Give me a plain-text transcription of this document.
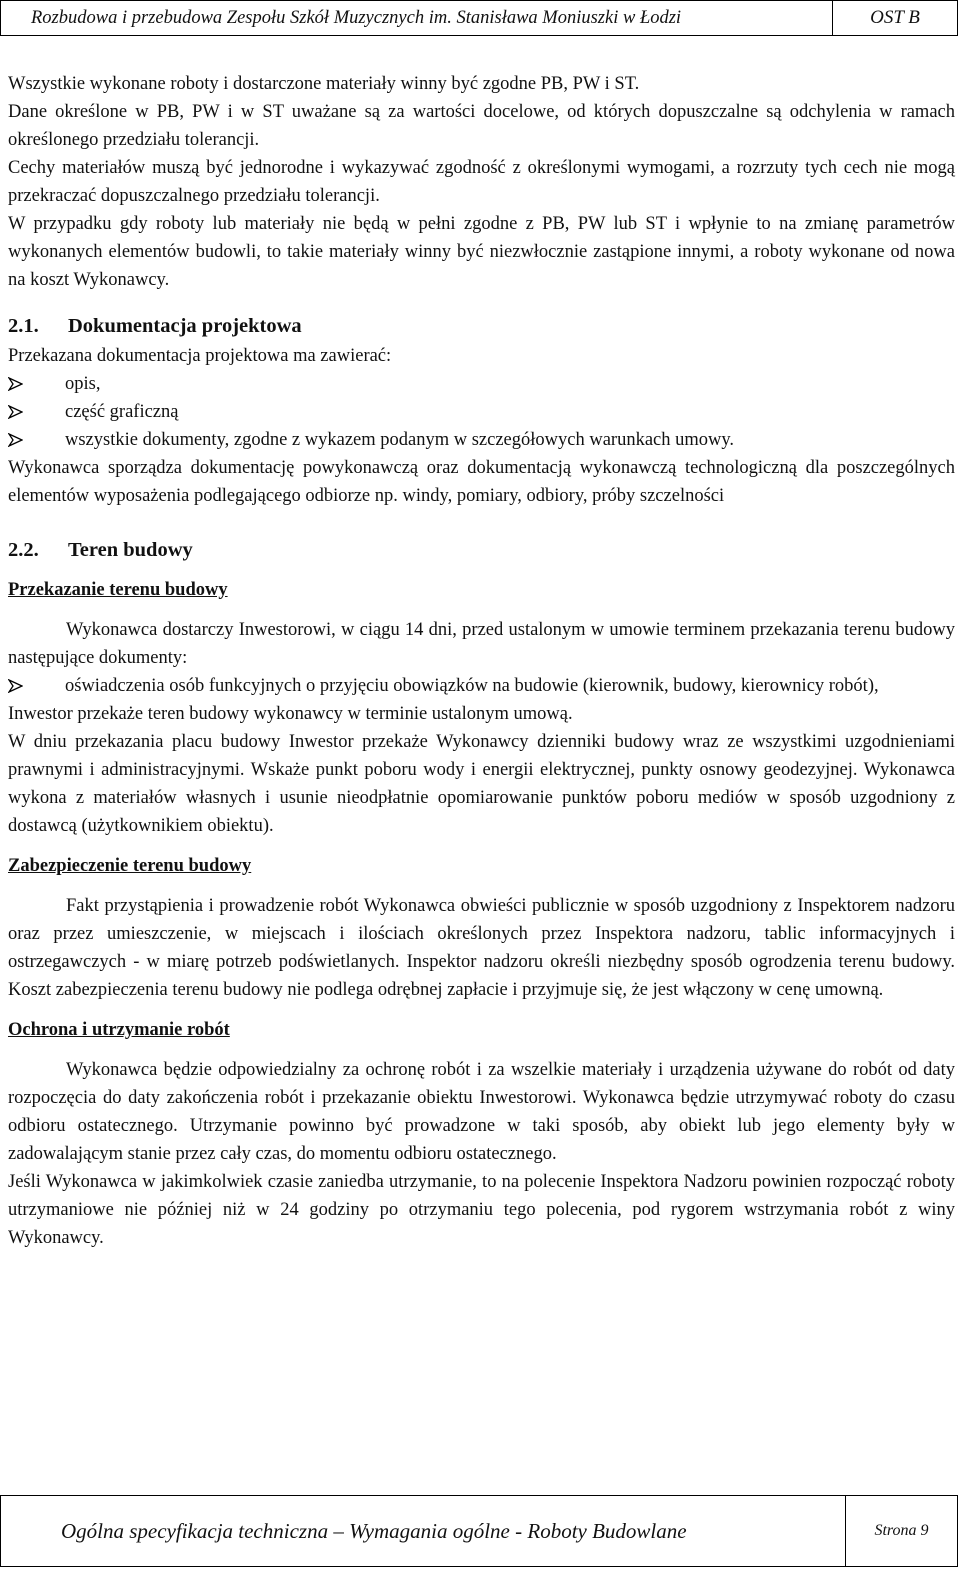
Rozbudowa i przebudowa Zespołu Szkół Muzycznych im. Stanisława Moniuszki w Łodzi	OST B

Wszystkie wykonane roboty i dostarczone materiały winny być zgodne PB, PW i ST.

Dane określone w PB, PW i w ST uważane są za wartości docelowe, od których dopuszczalne są odchylenia w ramach określonego przedziału tolerancji.

Cechy materiałów muszą być jednorodne i wykazywać zgodność z określonymi wymogami, a rozrzuty tych cech nie mogą przekraczać dopuszczalnego przedziału tolerancji.

W przypadku gdy roboty lub materiały nie będą w pełni zgodne z PB, PW lub ST i wpłynie to na zmianę parametrów wykonanych elementów budowli, to takie materiały winny być niezwłocznie zastąpione innymi, a roboty wykonane od nowa na koszt Wykonawcy.

2.1. Dokumentacja projektowa

Przekazana dokumentacja projektowa ma zawierać:

opis,
część graficzną
wszystkie dokumenty, zgodne z wykazem podanym w szczegółowych warunkach umowy.

Wykonawca sporządza dokumentację powykonawczą oraz dokumentacją wykonawczą technologiczną dla poszczególnych elementów wyposażenia podlegającego odbiorze np. windy, pomiary, odbiory, próby szczelności

2.2. Teren budowy

Przekazanie terenu budowy

Wykonawca dostarczy Inwestorowi, w ciągu 14 dni, przed ustalonym w umowie terminem przekazania terenu budowy następujące dokumenty:

oświadczenia osób funkcyjnych o przyjęciu obowiązków na budowie (kierownik, budowy, kierownicy robót),

Inwestor przekaże teren budowy wykonawcy w terminie ustalonym umową.

W dniu przekazania placu budowy Inwestor przekaże Wykonawcy dzienniki budowy wraz ze wszystkimi uzgodnieniami prawnymi i administracyjnymi. Wskaże punkt poboru wody i energii elektrycznej, punkty osnowy geodezyjnej. Wykonawca wykona z materiałów własnych i usunie nieodpłatnie opomiarowanie punktów poboru mediów w sposób uzgodniony z dostawcą (użytkownikiem obiektu).

Zabezpieczenie terenu budowy

Fakt przystąpienia i prowadzenie robót Wykonawca obwieści publicznie w sposób uzgodniony z Inspektorem nadzoru oraz przez umieszczenie, w miejscach i ilościach określonych przez Inspektora nadzoru, tablic informacyjnych i ostrzegawczych - w miarę potrzeb podświetlanych. Inspektor nadzoru określi niezbędny sposób ogrodzenia terenu budowy. Koszt zabezpieczenia terenu budowy nie podlega odrębnej zapłacie i przyjmuje się, że jest włączony w cenę umowną.

Ochrona i utrzymanie robót

Wykonawca będzie odpowiedzialny za ochronę robót i za wszelkie materiały i urządzenia używane do robót od daty rozpoczęcia do daty zakończenia robót i przekazanie obiektu Inwestorowi. Wykonawca będzie utrzymywać roboty do czasu odbioru ostatecznego. Utrzymanie powinno być prowadzone w taki sposób, aby obiekt lub jego elementy były w zadowalającym stanie przez cały czas, do momentu odbioru ostatecznego.

Jeśli Wykonawca w jakimkolwiek czasie zaniedba utrzymanie, to na polecenie Inspektora Nadzoru powinien rozpocząć roboty utrzymaniowe nie później niż w 24 godziny po otrzymaniu tego polecenia, pod rygorem wstrzymania robót z winy Wykonawcy.

Ogólna specyfikacja techniczna – Wymagania ogólne - Roboty Budowlane	Strona 9
